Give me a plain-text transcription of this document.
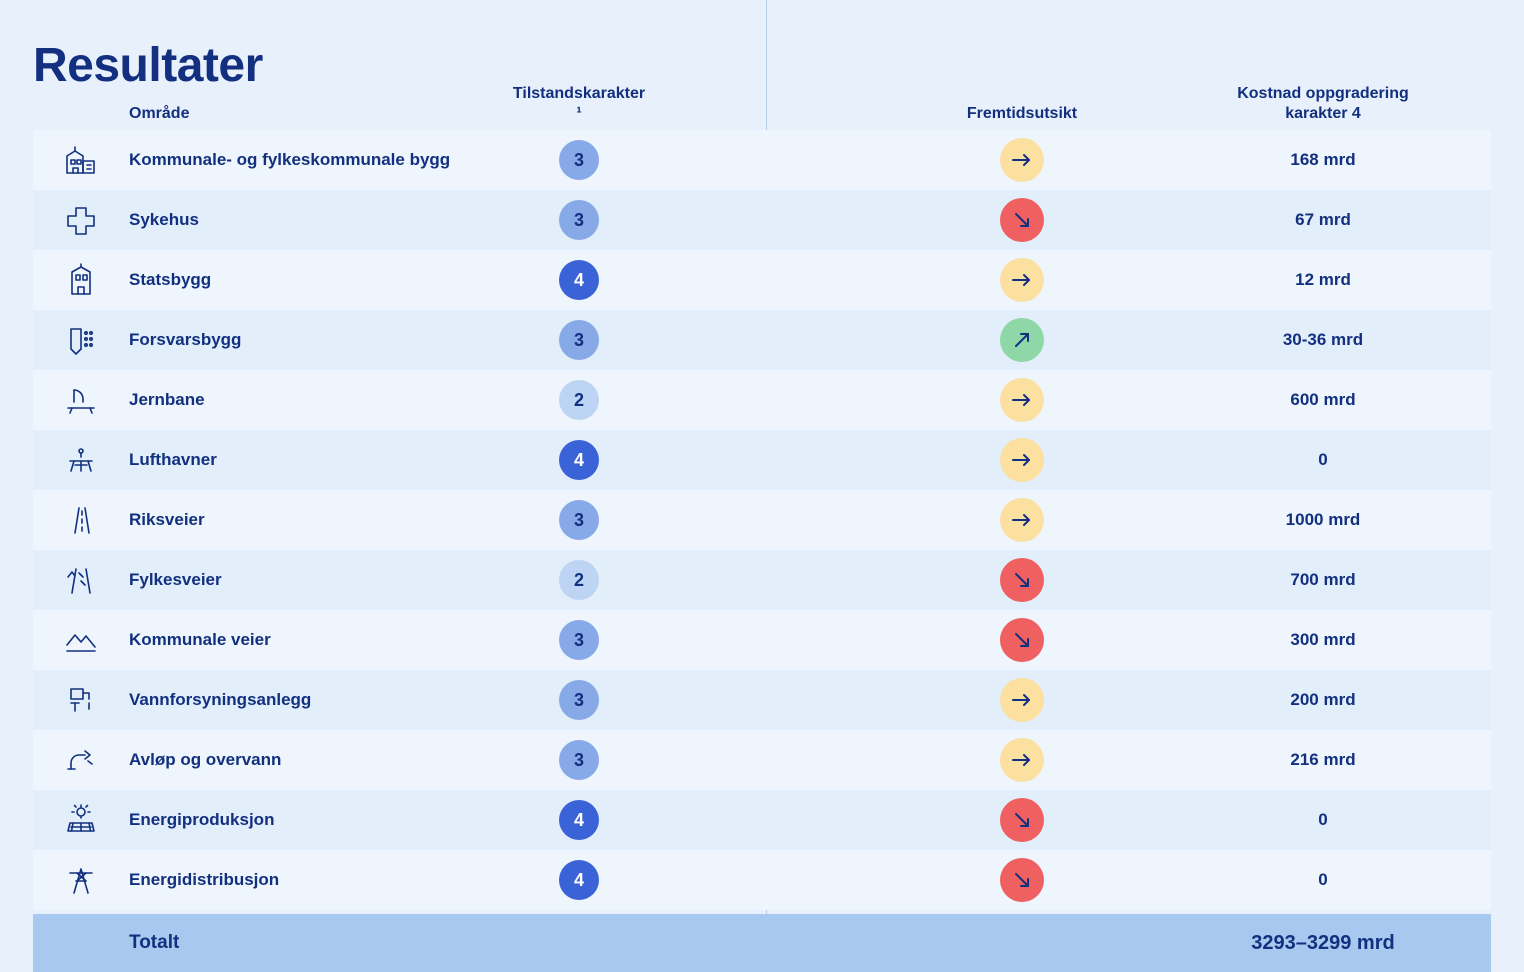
Resultater
Område
Tilstandskarakter ¹	Fremtidsutsikt
Kostnad oppgradering
karakter 4
Kommunale- og fylkeskommunale bygg	3	168 mrd
Sykehus	3	67 mrd
Statsbygg	4	12 mrd
Forsvarsbygg	3	30-36 mrd
Jernbane	2	600 mrd
Lufthavner	4	0
Riksveier	3	1000 mrd
Fylkesveier	2	700 mrd
Kommunale veier	3	300 mrd
Vannforsyningsanlegg	3	200 mrd
Avløp og overvann	3	216 mrd
Energiproduksjon	4	0
Energidistribusjon	4	0
Totalt	3293–3299 mrd
